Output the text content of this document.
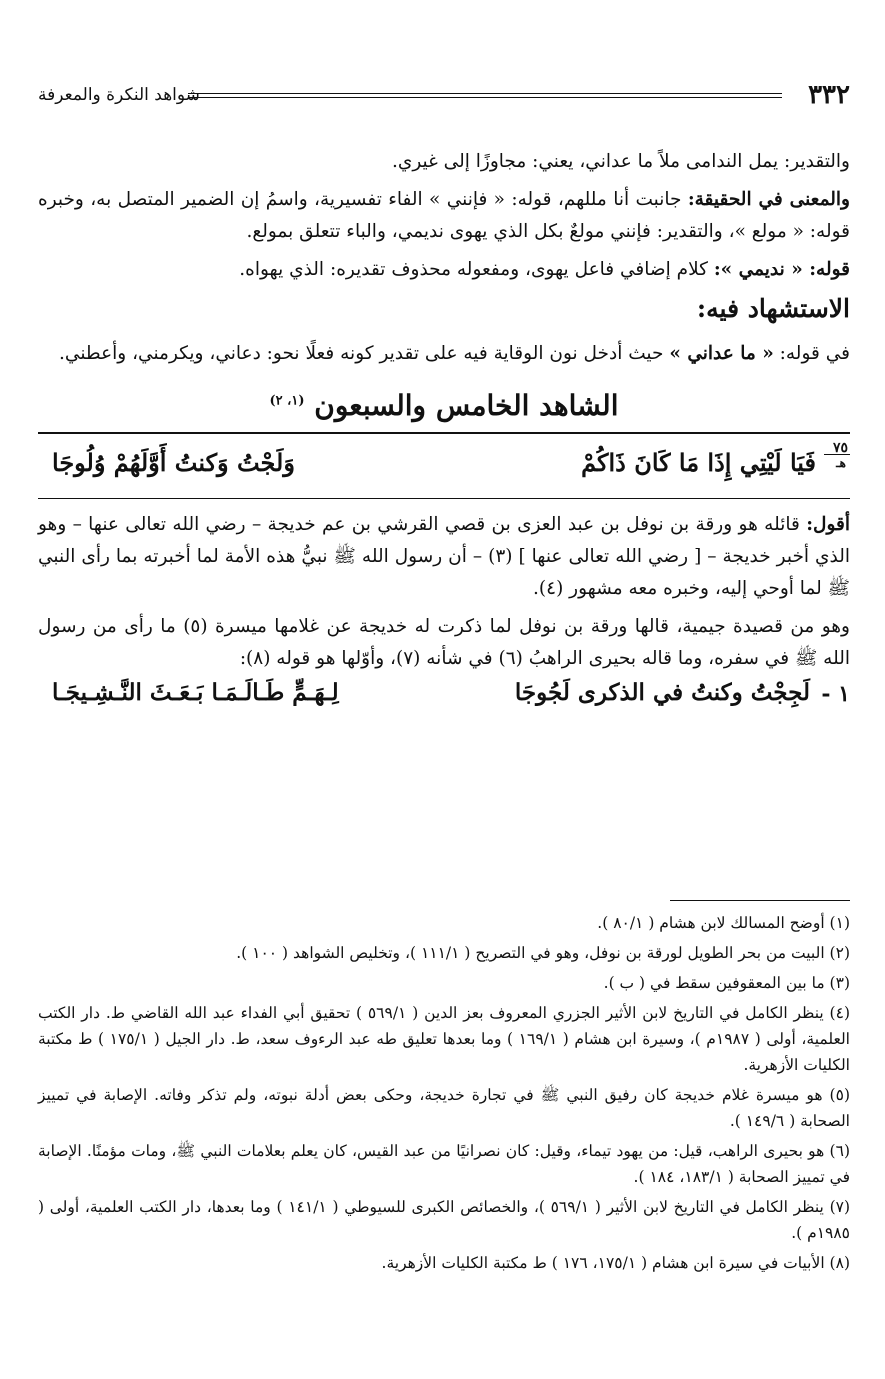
٣٣٢
شواهد النكرة والمعرفة

والتقدير: يمل الندامى ملاً ما عداني، يعني: مجاوزًا إلى غيري.

والمعنى في الحقيقة: جانبت أنا مللهم، قوله: « فإنني » الفاء تفسيرية، واسمُ إن الضمير المتصل به، وخبره قوله: « مولع »، والتقدير: فإنني مولعٌ بكل الذي يهوى نديمي، والباء تتعلق بمولع.

قوله: « نديمي »: كلام إضافي فاعل يهوى، ومفعوله محذوف تقديره: الذي يهواه.

الاستشهاد فيه:

في قوله: « ما عداني » حيث أدخل نون الوقاية فيه على تقدير كونه فعلًا نحو: دعاني، ويكرمني، وأعطني.

الشاهد الخامس والسبعون $^{(١، ٢)}$
٧٥
هـ
فَيَا لَيْتِي إِذَا مَا كَانَ ذَاكُمْ
وَلَجْتُ وَكنتُ أَوَّلَهُمْ وُلُوجَا

أقول: قائله هو ورقة بن نوفل بن عبد العزى بن قصي القرشي بن عم خديجة – رضي الله تعالى عنها – وهو الذي أخبر خديجة – [ رضي الله تعالى عنها ] (٣) – أن رسول الله ﷺ نبيُّ هذه الأمة لما أخبرته بما رأى النبي ﷺ لما أوحي إليه، وخبره معه مشهور (٤).

وهو من قصيدة جيمية، قالها ورقة بن نوفل لما ذكرت له خديجة عن غلامها ميسرة (٥) ما رأى من رسول الله ﷺ في سفره، وما قاله بحيرى الراهبُ (٦) في شأنه (٧)، وأوّلها هو قوله (٨):

١ -
لَجِجْتُ وكنتُ في الذكرى لَجُوجَا
لِـهَـمٍّ طَـالَـمَـا بَـعَـثَ النَّـشِـيجَـا

(١) أوضح المسالك لابن هشام ( ٨٠/١ ).

(٢) البيت من بحر الطويل لورقة بن نوفل، وهو في التصريح ( ١١١/١ )، وتخليص الشواهد ( ١٠٠ ).

(٣) ما بين المعقوفين سقط في ( ب ).

(٤) ينظر الكامل في التاريخ لابن الأثير الجزري المعروف بعز الدين ( ٥٦٩/١ ) تحقيق أبي الفداء عبد الله القاضي ط. دار الكتب العلمية، أولى ( ١٩٨٧م )، وسيرة ابن هشام ( ١٦٩/١ ) وما بعدها تعليق طه عبد الرءوف سعد، ط. دار الجيل ( ١٧٥/١ ) ط مكتبة الكليات الأزهرية.

(٥) هو ميسرة غلام خديجة كان رفيق النبي ﷺ في تجارة خديجة، وحكى بعض أدلة نبوته، ولم تذكر وفاته. الإصابة في تمييز الصحابة ( ١٤٩/٦ ).

(٦) هو بحيرى الراهب، قيل: من يهود تيماء، وقيل: كان نصرانيًا من عبد القيس، كان يعلم بعلامات النبي ﷺ، ومات مؤمنًا. الإصابة في تمييز الصحابة ( ١٨٣/١، ١٨٤ ).

(٧) ينظر الكامل في التاريخ لابن الأثير ( ٥٦٩/١ )، والخصائص الكبرى للسيوطي ( ١٤١/١ ) وما بعدها، دار الكتب العلمية، أولى ( ١٩٨٥م ).

(٨) الأبيات في سيرة ابن هشام ( ١٧٥/١، ١٧٦ ) ط مكتبة الكليات الأزهرية.
